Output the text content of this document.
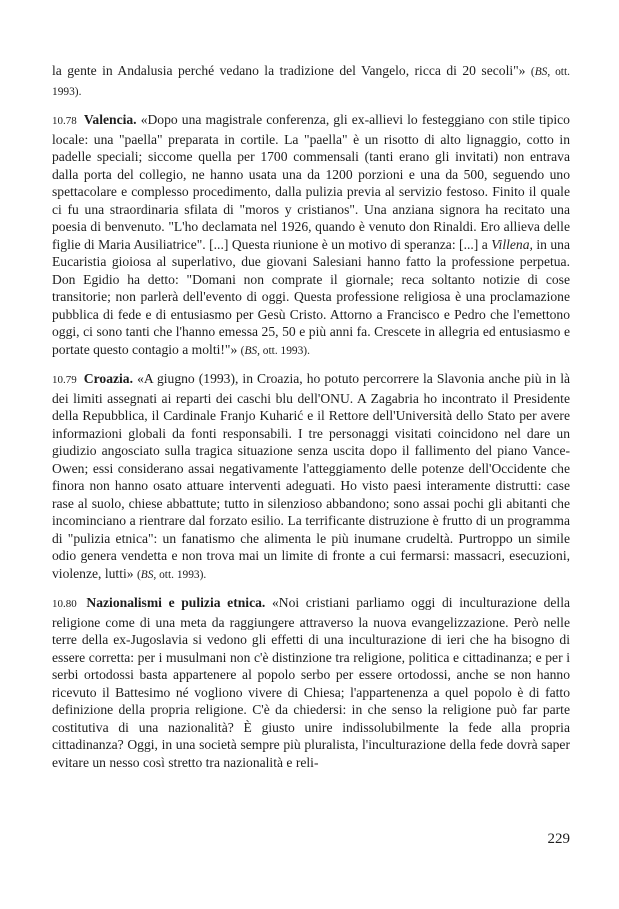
la gente in Andalusia perché vedano la tradizione del Vangelo, ricca di 20 secoli"» (BS, ott. 1993).

10.78 Valencia. «Dopo una magistrale conferenza, gli ex-allievi lo festeggiano con stile tipico locale: una "paella" preparata in cortile. La "paella" è un risotto di alto lignaggio, cotto in padelle speciali; siccome quella per 1700 commensali (tanti erano gli invitati) non entrava dalla porta del collegio, ne hanno usata una da 1200 porzioni e una da 500, seguendo uno spettacolare e complesso procedimento, dalla pulizia previa al servizio festoso. Finito il quale ci fu una straordinaria sfilata di "moros y cristianos". Una anziana signora ha recitato una poesia di benvenuto. "L'ho declamata nel 1926, quando è venuto don Rinaldi. Ero allieva delle figlie di Maria Ausiliatrice". [...] Questa riunione è un motivo di speranza: [...] a Villena, in una Eucaristia gioiosa al superlativo, due giovani Salesiani hanno fatto la professione perpetua. Don Egidio ha detto: "Domani non comprate il giornale; reca soltanto notizie di cose transitorie; non parlerà dell'evento di oggi. Questa professione religiosa è una proclamazione pubblica di fede e di entusiasmo per Gesù Cristo. Attorno a Francisco e Pedro che l'emettono oggi, ci sono tanti che l'hanno emessa 25, 50 e più anni fa. Crescete in allegria ed entusiasmo e portate questo contagio a molti!"» (BS, ott. 1993).

10.79 Croazia. «A giugno (1993), in Croazia, ho potuto percorrere la Slavonia anche più in là dei limiti assegnati ai reparti dei caschi blu dell'ONU. A Zagabria ho incontrato il Presidente della Repubblica, il Cardinale Franjo Kuharić e il Rettore dell'Università dello Stato per avere informazioni globali da fonti responsabili. I tre personaggi visitati coincidono nel dare un giudizio angosciato sulla tragica situazione senza uscita dopo il fallimento del piano Vance-Owen; essi considerano assai negativamente l'atteggiamento delle potenze dell'Occidente che finora non hanno osato attuare interventi adeguati. Ho visto paesi interamente distrutti: case rase al suolo, chiese abbattute; tutto in silenzioso abbandono; sono assai pochi gli abitanti che incominciano a rientrare dal forzato esilio. La terrificante distruzione è frutto di un programma di "pulizia etnica": un fanatismo che alimenta le più inumane crudeltà. Purtroppo un simile odio genera vendetta e non trova mai un limite di fronte a cui fermarsi: massacri, esecuzioni, violenze, lutti» (BS, ott. 1993).

10.80 Nazionalismi e pulizia etnica. «Noi cristiani parliamo oggi di inculturazione della religione come di una meta da raggiungere attraverso la nuova evangelizzazione. Però nelle terre della ex-Jugoslavia si vedono gli effetti di una inculturazione di ieri che ha bisogno di essere corretta: per i musulmani non c'è distinzione tra religione, politica e cittadinanza; e per i serbi ortodossi basta appartenere al popolo serbo per essere ortodossi, anche se non hanno ricevuto il Battesimo né vogliono vivere di Chiesa; l'appartenenza a quel popolo è di fatto definizione della propria religione. C'è da chiedersi: in che senso la religione può far parte costitutiva di una nazionalità? È giusto unire indissolubilmente la fede alla propria cittadinanza? Oggi, in una società sempre più pluralista, l'inculturazione della fede dovrà saper evitare un nesso così stretto tra nazionalità e reli-

229
